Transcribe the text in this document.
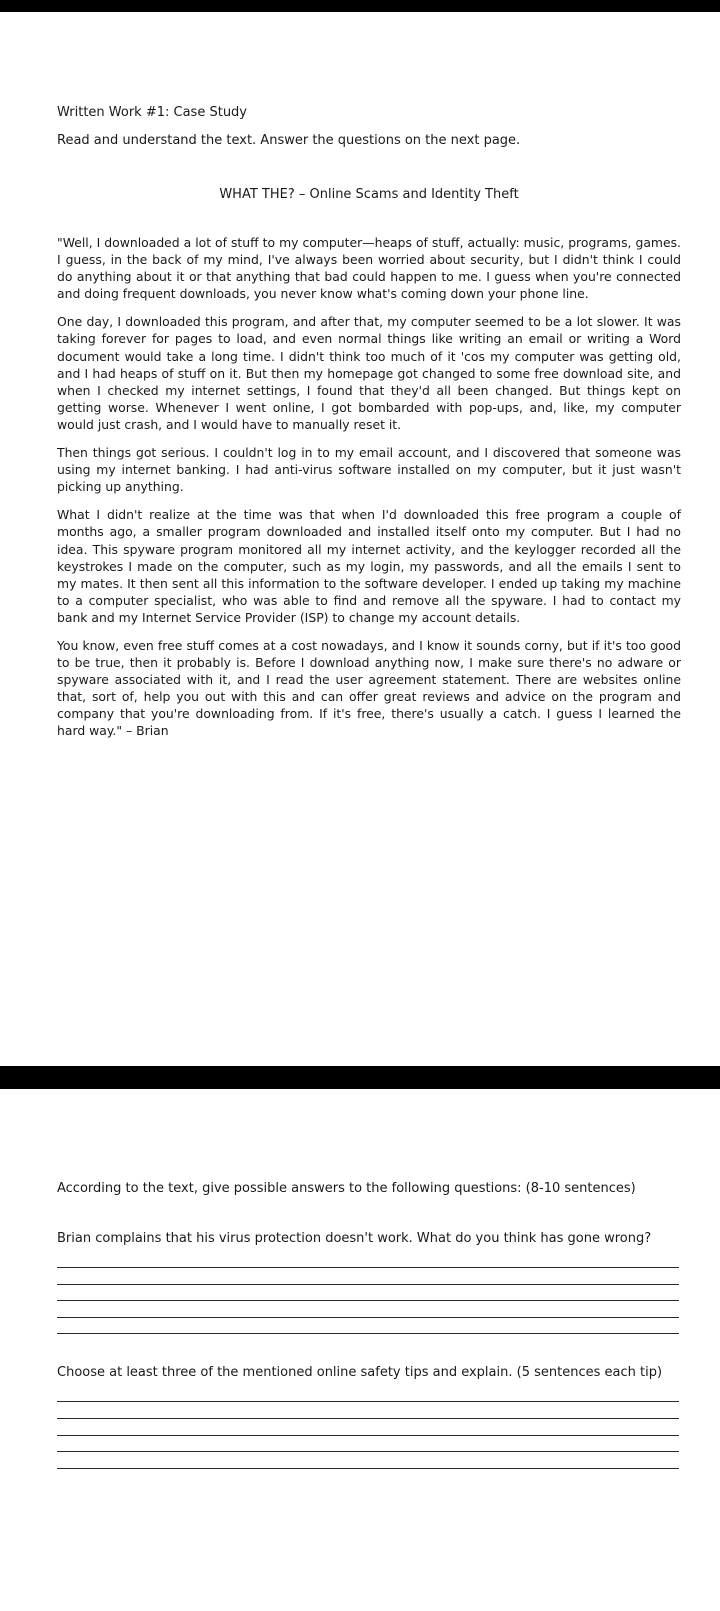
Written Work #1: Case Study
Read and understand the text. Answer the questions on the next page.
WHAT THE? – Online Scams and Identity Theft

"Well, I downloaded a lot of stuff to my computer—heaps of stuff, actually: music, programs, games. I guess, in the back of my mind, I've always been worried about security, but I didn't think I could do anything about it or that anything that bad could happen to me. I guess when you're connected and doing frequent downloads, you never know what's coming down your phone line.

One day, I downloaded this program, and after that, my computer seemed to be a lot slower. It was taking forever for pages to load, and even normal things like writing an email or writing a Word document would take a long time. I didn't think too much of it 'cos my computer was getting old, and I had heaps of stuff on it. But then my homepage got changed to some free download site, and when I checked my internet settings, I found that they'd all been changed. But things kept on getting worse. Whenever I went online, I got bombarded with pop-ups, and, like, my computer would just crash, and I would have to manually reset it.

Then things got serious. I couldn't log in to my email account, and I discovered that someone was using my internet banking. I had anti-virus software installed on my computer, but it just wasn't picking up anything.

What I didn't realize at the time was that when I'd downloaded this free program a couple of months ago, a smaller program downloaded and installed itself onto my computer. But I had no idea. This spyware program monitored all my internet activity, and the keylogger recorded all the keystrokes I made on the computer, such as my login, my passwords, and all the emails I sent to my mates. It then sent all this information to the software developer. I ended up taking my machine to a computer specialist, who was able to find and remove all the spyware. I had to contact my bank and my Internet Service Provider (ISP) to change my account details.

You know, even free stuff comes at a cost nowadays, and I know it sounds corny, but if it's too good to be true, then it probably is. Before I download anything now, I make sure there's no adware or spyware associated with it, and I read the user agreement statement. There are websites online that, sort of, help you out with this and can offer great reviews and advice on the program and company that you're downloading from. If it's free, there's usually a catch. I guess I learned the hard way." – Brian

According to the text, give possible answers to the following questions: (8-10 sentences)
Brian complains that his virus protection doesn't work. What do you think has gone wrong?
Choose at least three of the mentioned online safety tips and explain. (5 sentences each tip)
